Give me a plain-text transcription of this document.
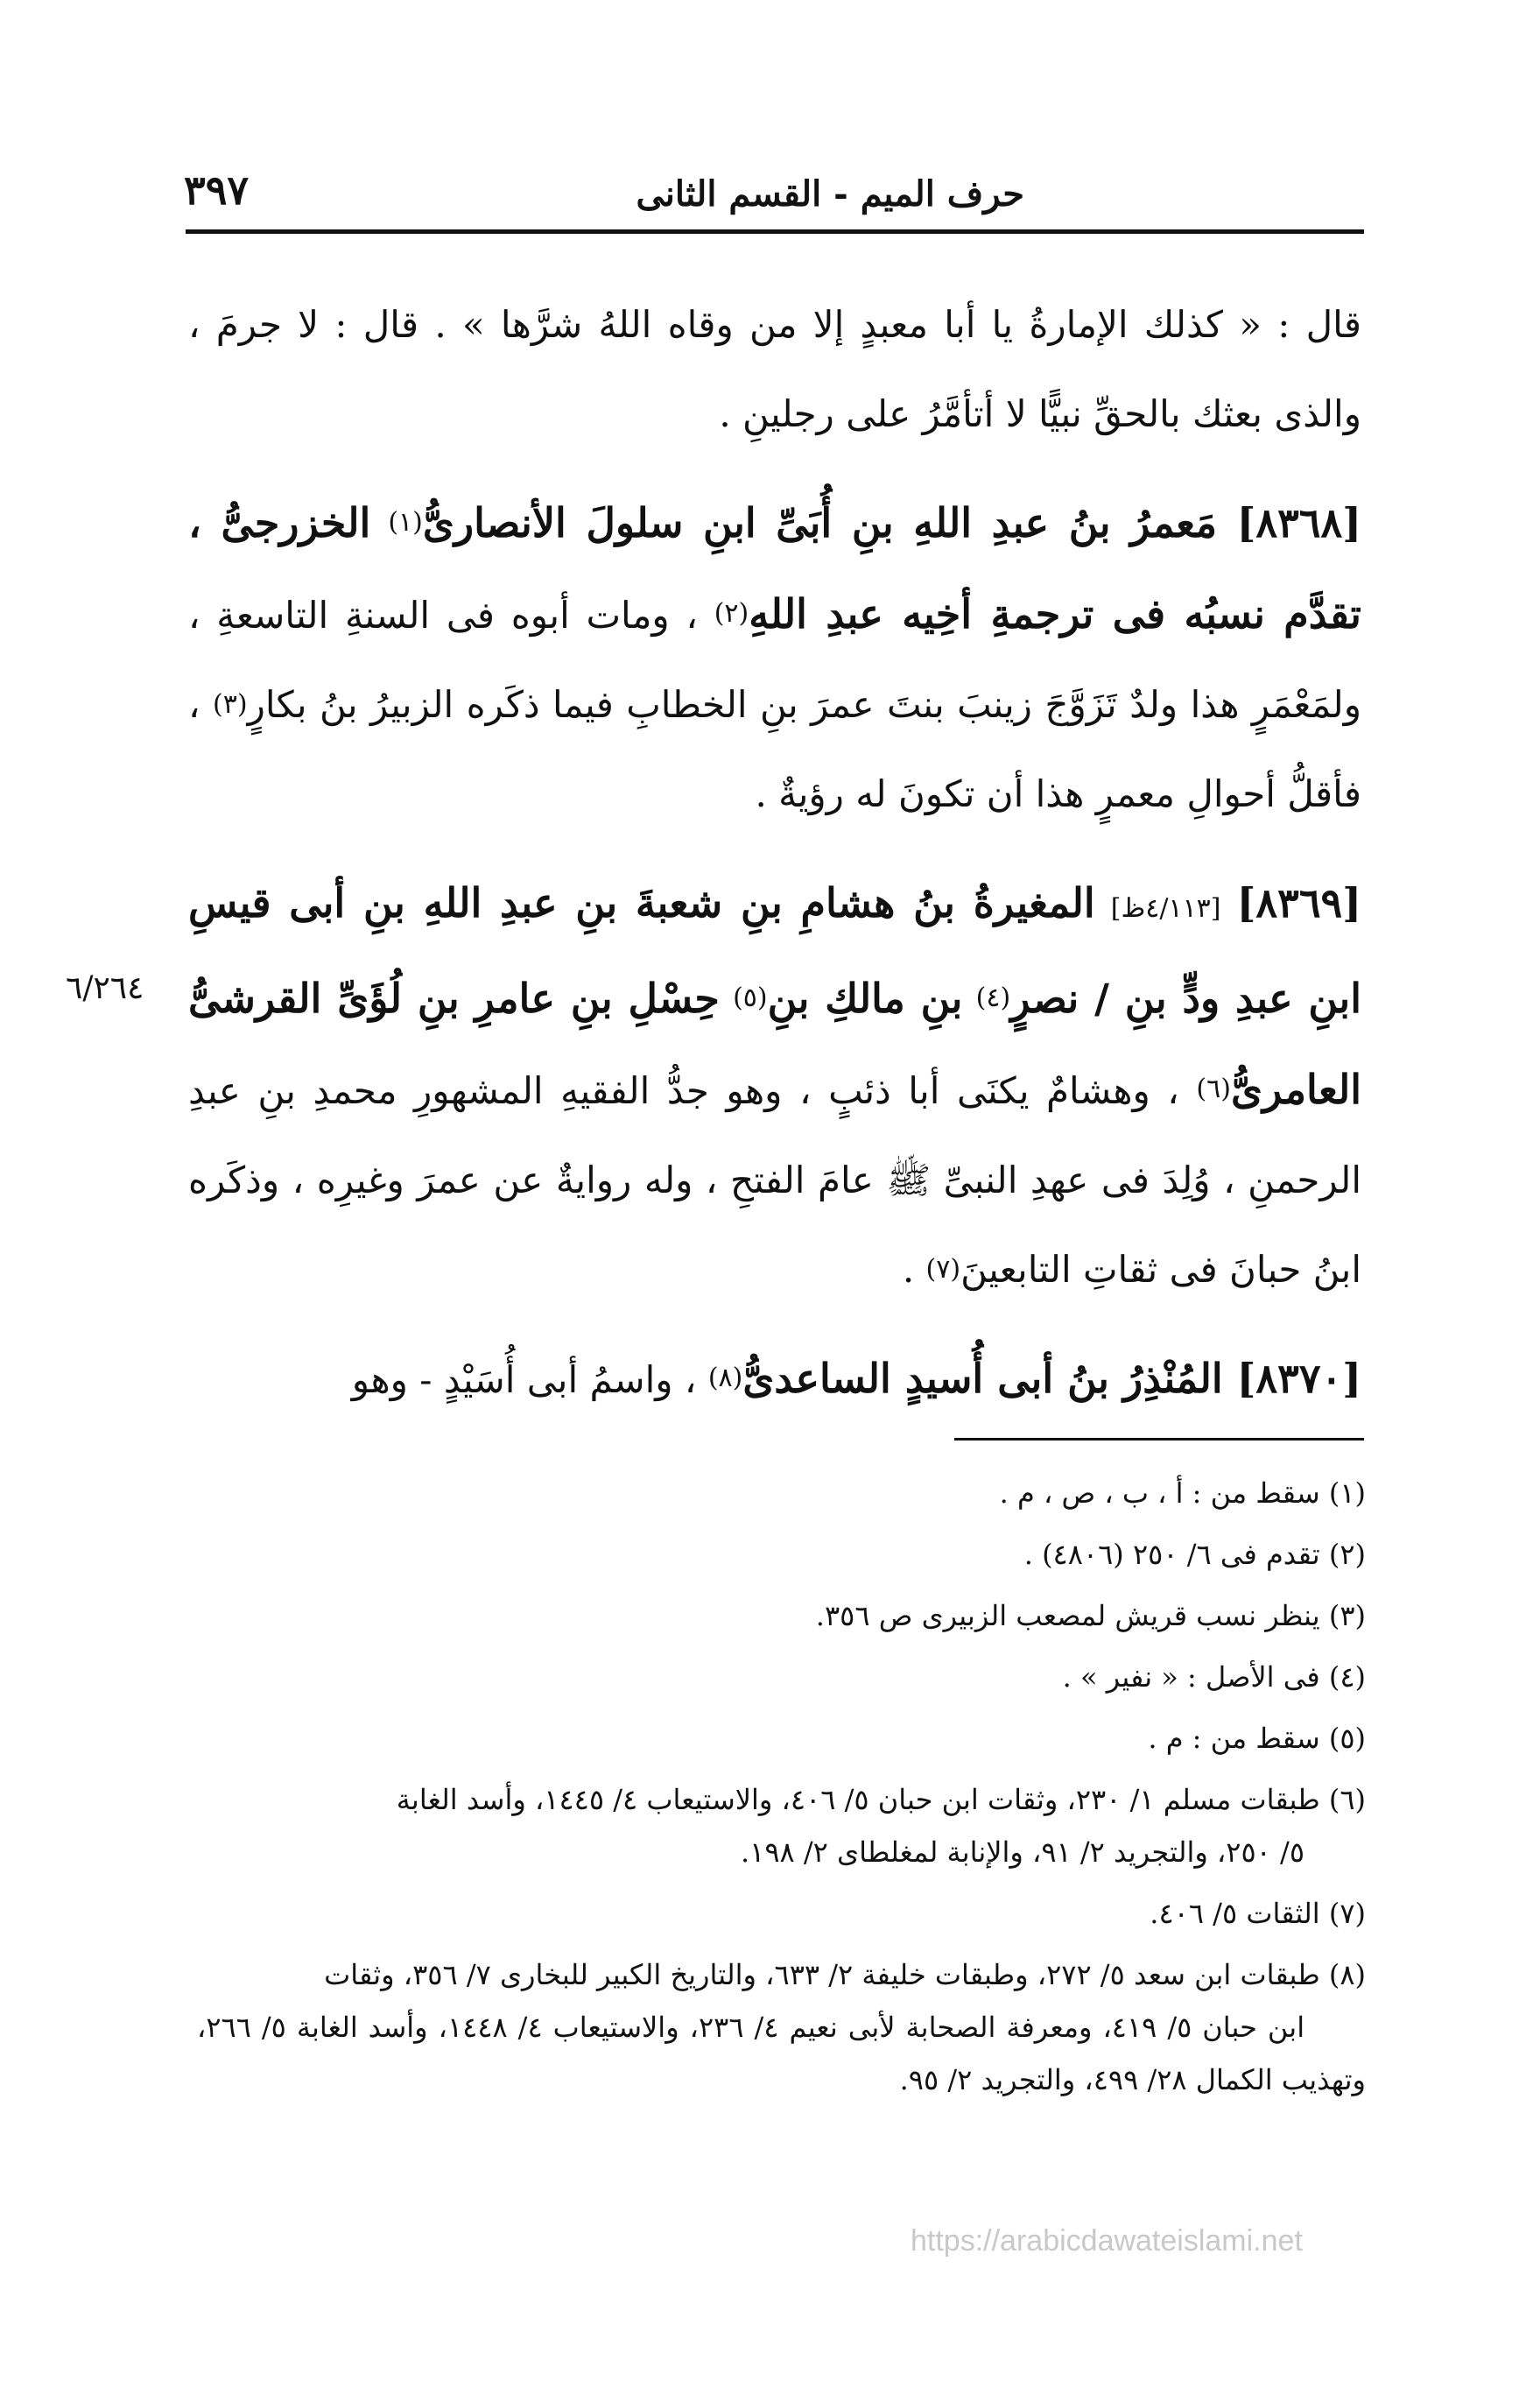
حرف الميم - القسم الثانى
٣٩٧

قال : « كذلك الإمارةُ يا أبا معبدٍ إلا من وقاه اللهُ شرَّها » . قال : لا جرمَ ، والذى بعثك بالحقِّ نبيًّا لا أتأمَّرُ على رجلينِ .

[٨٣٦٨] مَعمرُ بنُ عبدِ اللهِ بنِ أُبَىِّ ابنِ سلولَ الأنصارىُّ$^{(١)}$ الخزرجىُّ ، تقدَّم نسبُه فى ترجمةِ أخِيه عبدِ اللهِ$^{(٢)}$ ، ومات أبوه فى السنةِ التاسعةِ ، ولمَعْمَرٍ هذا ولدٌ تَزَوَّجَ زينبَ بنتَ عمرَ بنِ الخطابِ فيما ذكَره الزبيرُ بنُ بكارٍ$^{(٣)}$ ، فأقلُّ أحوالِ معمرٍ هذا أن تكونَ له رؤيةٌ .

[٨٣٦٩] [٤/١١٣ظ] المغيرةُ بنُ هشامِ بنِ شعبةَ بنِ عبدِ اللهِ بنِ أبى قيسِ ابنِ عبدِ ودٍّ بنِ / نصرٍ$^{(٤)}$ بنِ مالكِ بنِ$^{(٥)}$ حِسْلِ بنِ عامرِ بنِ لُؤَىِّ القرشىُّ العامرىُّ$^{(٦)}$ ، وهشامٌ يكنَى أبا ذئبٍ ، وهو جدُّ الفقيهِ المشهورِ محمدِ بنِ عبدِ الرحمنِ ، وُلِدَ فى عهدِ النبىِّ ﷺ عامَ الفتحِ ، وله روايةٌ عن عمرَ وغيرِه ، وذكَره ابنُ حبانَ فى ثقاتِ التابعينَ$^{(٧)}$ .

[٨٣٧٠] المُنْذِرُ بنُ أبى أُسيدٍ الساعدىُّ$^{(٨)}$ ، واسمُ أبى أُسَيْدٍ - وهو

٦/٢٦٤

(١) سقط من : أ ، ب ، ص ، م .

(٢) تقدم فى ٦/ ٢٥٠ (٤٨٠٦) .

(٣) ينظر نسب قريش لمصعب الزبيرى ص ٣٥٦.

(٤) فى الأصل : « نفير » .

(٥) سقط من : م .

(٦) طبقات مسلم ١/ ٢٣٠، وثقات ابن حبان ٥/ ٤٠٦، والاستيعاب ٤/ ١٤٤٥، وأسد الغابة
٥/ ٢٥٠، والتجريد ٢/ ٩١، والإنابة لمغلطاى ٢/ ١٩٨.

(٧) الثقات ٥/ ٤٠٦.

(٨) طبقات ابن سعد ٥/ ٢٧٢، وطبقات خليفة ٢/ ٦٣٣، والتاريخ الكبير للبخارى ٧/ ٣٥٦، وثقات
ابن حبان ٥/ ٤١٩، ومعرفة الصحابة لأبى نعيم ٤/ ٢٣٦، والاستيعاب ٤/ ١٤٤٨، وأسد الغابة ٥/ ٢٦٦، وتهذيب الكمال ٢٨/ ٤٩٩، والتجريد ٢/ ٩٥.

https://arabicdawateislami.net
